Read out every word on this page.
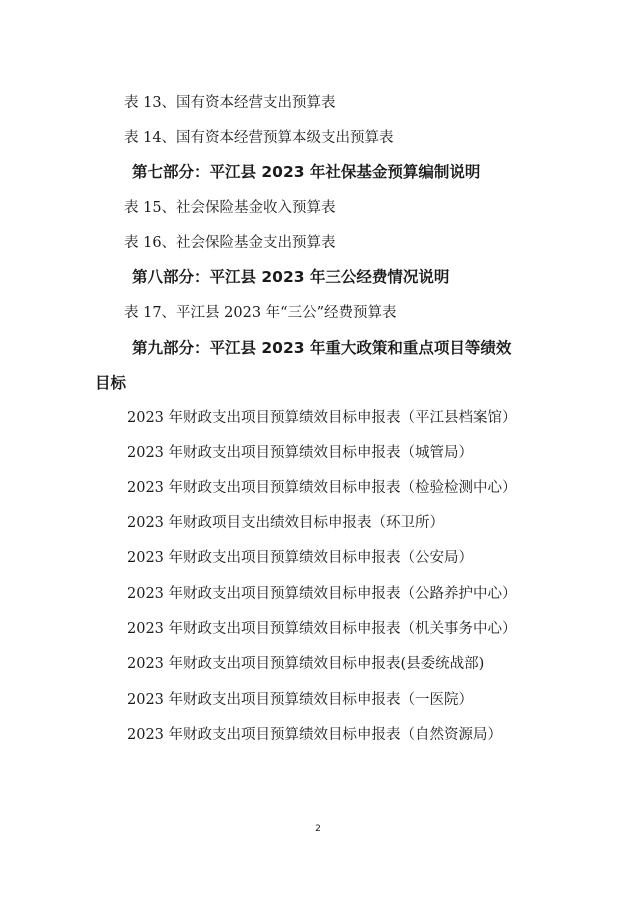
表 13、国有资本经营支出预算表
表 14、国有资本经营预算本级支出预算表
第七部分：平江县 2023 年社保基金预算编制说明
表 15、社会保险基金收入预算表
表 16、社会保险基金支出预算表
第八部分：平江县 2023 年三公经费情况说明
表 17、平江县 2023 年“三公”经费预算表
第九部分：平江县 2023 年重大政策和重点项目等绩效
目标
2023 年财政支出项目预算绩效目标申报表（平江县档案馆）
2023 年财政支出项目预算绩效目标申报表（城管局）
2023 年财政支出项目预算绩效目标申报表（检验检测中心）
2023 年财政项目支出绩效目标申报表（环卫所）
2023 年财政支出项目预算绩效目标申报表（公安局）
2023 年财政支出项目预算绩效目标申报表（公路养护中心）
2023 年财政支出项目预算绩效目标申报表（机关事务中心）
2023 年财政支出项目预算绩效目标申报表(县委统战部)
2023 年财政支出项目预算绩效目标申报表（一医院）
2023 年财政支出项目预算绩效目标申报表（自然资源局）
2
